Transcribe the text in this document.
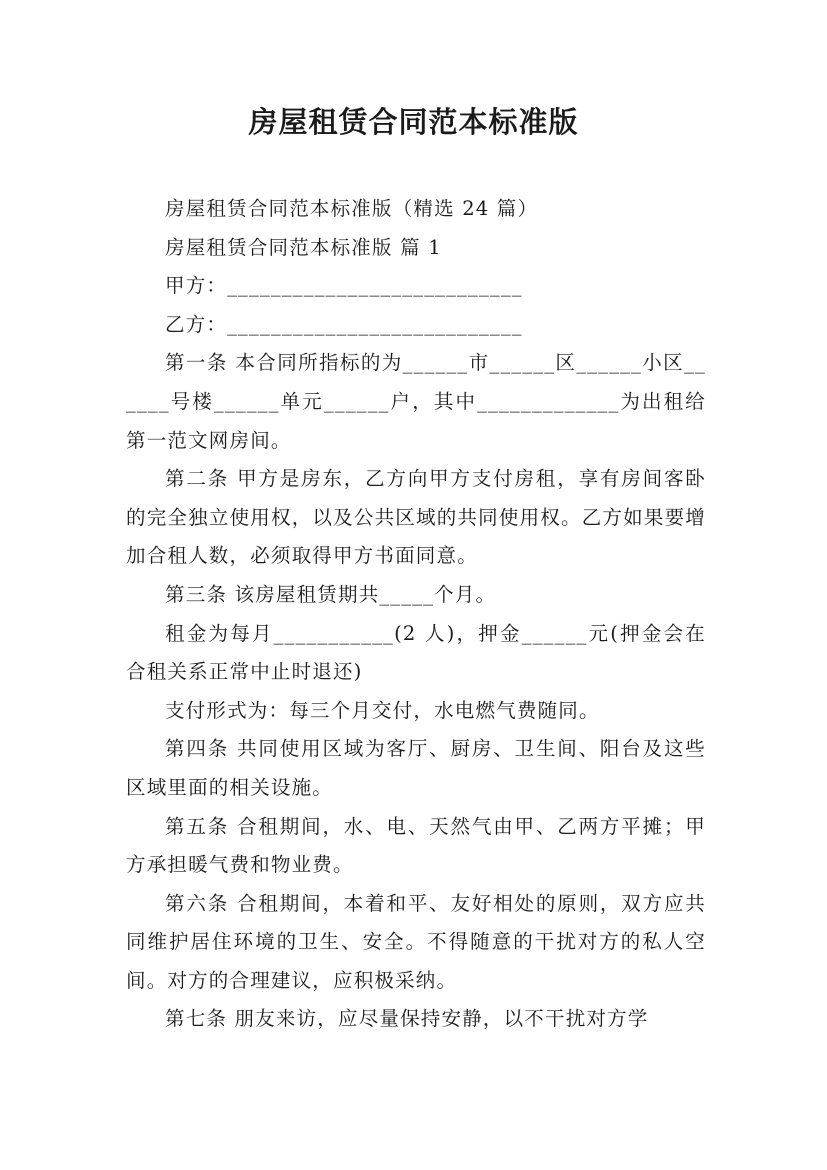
房屋租赁合同范本标准版

房屋租赁合同范本标准版（精选 24 篇）

房屋租赁合同范本标准版 篇 1

甲方：___________________________

乙方：___________________________

第一条 本合同所指标的为______市______区______小区______号楼______单元______户，其中_____________为出租给第一范文网房间。

第二条 甲方是房东，乙方向甲方支付房租，享有房间客卧的完全独立使用权，以及公共区域的共同使用权。乙方如果要增加合租人数，必须取得甲方书面同意。

第三条 该房屋租赁期共_____个月。

租金为每月___________(2 人)，押金______元(押金会在合租关系正常中止时退还)

支付形式为：每三个月交付，水电燃气费随同。

第四条 共同使用区域为客厅、厨房、卫生间、阳台及这些区域里面的相关设施。

第五条 合租期间，水、电、天然气由甲、乙两方平摊；甲方承担暖气费和物业费。

第六条 合租期间，本着和平、友好相处的原则，双方应共同维护居住环境的卫生、安全。不得随意的干扰对方的私人空间。对方的合理建议，应积极采纳。

第七条 朋友来访，应尽量保持安静，以不干扰对方学
